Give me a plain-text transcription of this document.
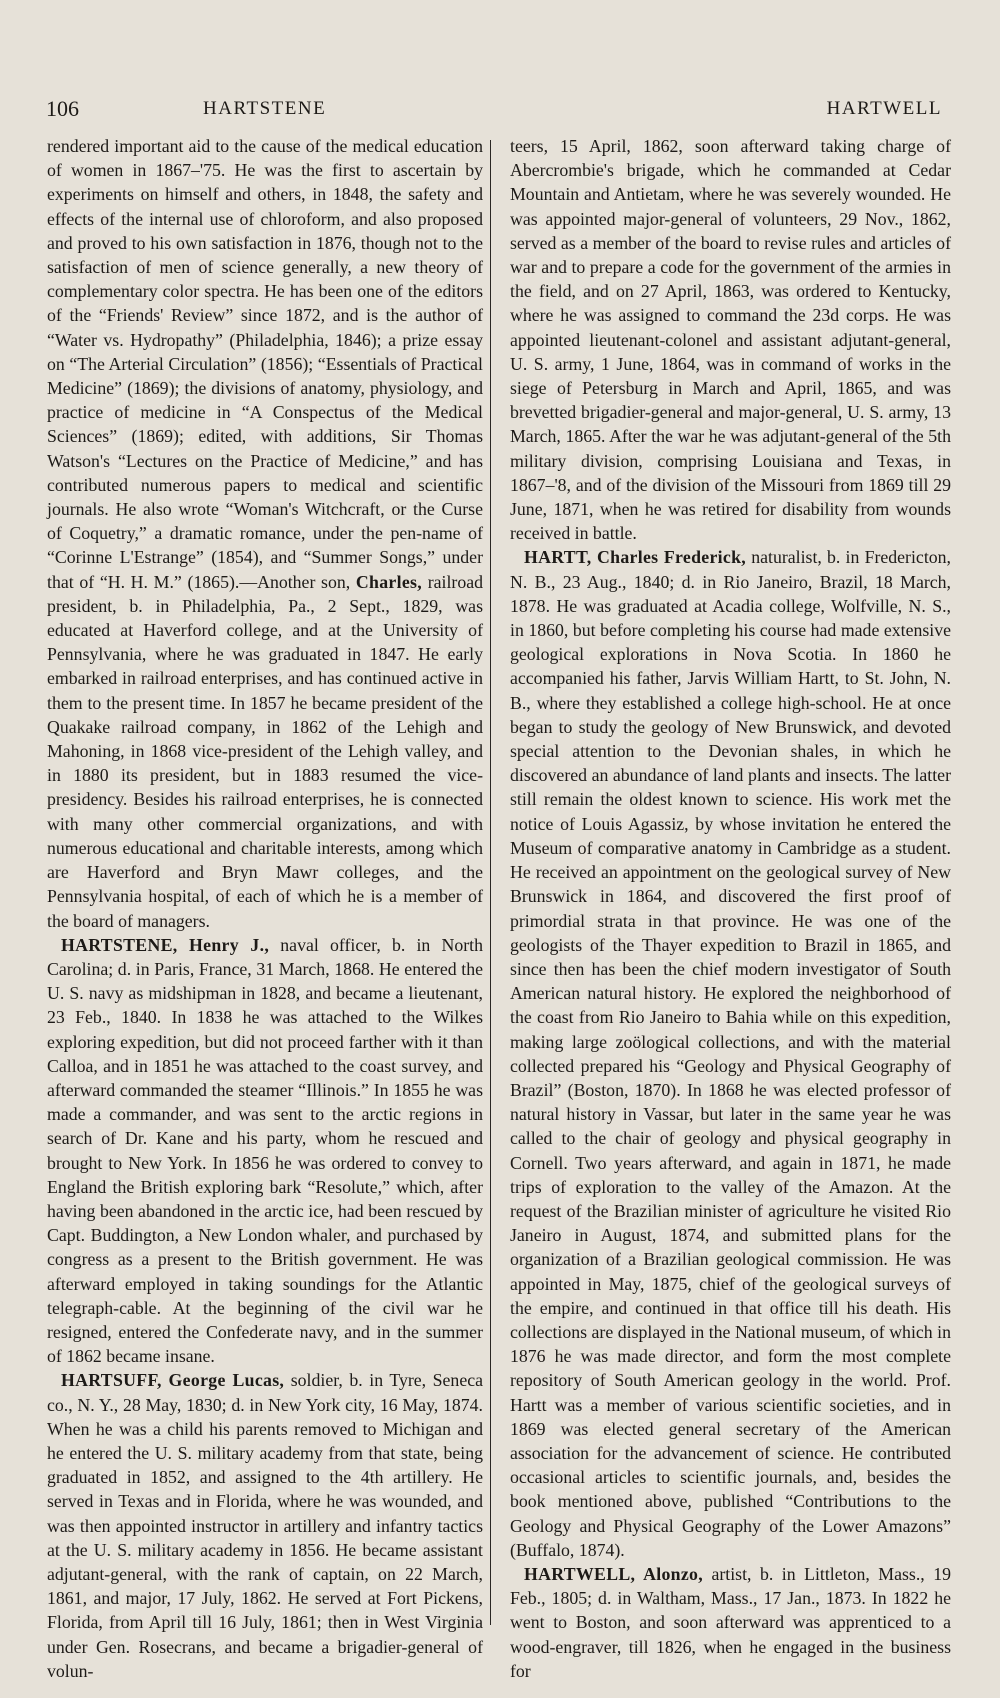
106	HARTSTENE	HARTWELL

rendered important aid to the cause of the medical education of women in 1867–'75. He was the first to ascertain by experiments on himself and others, in 1848, the safety and effects of the internal use of chloroform, and also proposed and proved to his own satisfaction in 1876, though not to the satisfaction of men of science generally, a new theory of complementary color spectra. He has been one of the editors of the “Friends' Review” since 1872, and is the author of “Water vs. Hydropathy” (Philadelphia, 1846); a prize essay on “The Arterial Circulation” (1856); “Essentials of Practical Medicine” (1869); the divisions of anatomy, physiology, and practice of medicine in “A Conspectus of the Medical Sciences” (1869); edited, with additions, Sir Thomas Watson's “Lectures on the Practice of Medicine,” and has contributed numerous papers to medical and scientific journals. He also wrote “Woman's Witchcraft, or the Curse of Coquetry,” a dramatic romance, under the pen-name of “Corinne L'Estrange” (1854), and “Summer Songs,” under that of “H. H. M.” (1865).—Another son, Charles, railroad president, b. in Philadelphia, Pa., 2 Sept., 1829, was educated at Haverford college, and at the University of Pennsylvania, where he was graduated in 1847. He early embarked in railroad enterprises, and has continued active in them to the present time. In 1857 he became president of the Quakake railroad company, in 1862 of the Lehigh and Mahoning, in 1868 vice-president of the Lehigh valley, and in 1880 its president, but in 1883 resumed the vice-presidency. Besides his railroad enterprises, he is connected with many other commercial organizations, and with numerous educational and charitable interests, among which are Haverford and Bryn Mawr colleges, and the Pennsylvania hospital, of each of which he is a member of the board of managers.

HARTSTENE, Henry J., naval officer, b. in North Carolina; d. in Paris, France, 31 March, 1868. He entered the U. S. navy as midshipman in 1828, and became a lieutenant, 23 Feb., 1840. In 1838 he was attached to the Wilkes exploring expedition, but did not proceed farther with it than Calloa, and in 1851 he was attached to the coast survey, and afterward commanded the steamer “Illinois.” In 1855 he was made a commander, and was sent to the arctic regions in search of Dr. Kane and his party, whom he rescued and brought to New York. In 1856 he was ordered to convey to England the British exploring bark “Resolute,” which, after having been abandoned in the arctic ice, had been rescued by Capt. Buddington, a New London whaler, and purchased by congress as a present to the British government. He was afterward employed in taking soundings for the Atlantic telegraph-cable. At the beginning of the civil war he resigned, entered the Confederate navy, and in the summer of 1862 became insane.

HARTSUFF, George Lucas, soldier, b. in Tyre, Seneca co., N. Y., 28 May, 1830; d. in New York city, 16 May, 1874. When he was a child his parents removed to Michigan and he entered the U. S. military academy from that state, being graduated in 1852, and assigned to the 4th artillery. He served in Texas and in Florida, where he was wounded, and was then appointed instructor in artillery and infantry tactics at the U. S. military academy in 1856. He became assistant adjutant-general, with the rank of captain, on 22 March, 1861, and major, 17 July, 1862. He served at Fort Pickens, Florida, from April till 16 July, 1861; then in West Virginia under Gen. Rosecrans, and became a brigadier-general of volun-

teers, 15 April, 1862, soon afterward taking charge of Abercrombie's brigade, which he commanded at Cedar Mountain and Antietam, where he was severely wounded. He was appointed major-general of volunteers, 29 Nov., 1862, served as a member of the board to revise rules and articles of war and to prepare a code for the government of the armies in the field, and on 27 April, 1863, was ordered to Kentucky, where he was assigned to command the 23d corps. He was appointed lieutenant-colonel and assistant adjutant-general, U. S. army, 1 June, 1864, was in command of works in the siege of Petersburg in March and April, 1865, and was brevetted brigadier-general and major-general, U. S. army, 13 March, 1865. After the war he was adjutant-general of the 5th military division, comprising Louisiana and Texas, in 1867–'8, and of the division of the Missouri from 1869 till 29 June, 1871, when he was retired for disability from wounds received in battle.

HARTT, Charles Frederick, naturalist, b. in Fredericton, N. B., 23 Aug., 1840; d. in Rio Janeiro, Brazil, 18 March, 1878. He was graduated at Acadia college, Wolfville, N. S., in 1860, but before completing his course had made extensive geological explorations in Nova Scotia. In 1860 he accompanied his father, Jarvis William Hartt, to St. John, N. B., where they established a college high-school. He at once began to study the geology of New Brunswick, and devoted special attention to the Devonian shales, in which he discovered an abundance of land plants and insects. The latter still remain the oldest known to science. His work met the notice of Louis Agassiz, by whose invitation he entered the Museum of comparative anatomy in Cambridge as a student. He received an appointment on the geological survey of New Brunswick in 1864, and discovered the first proof of primordial strata in that province. He was one of the geologists of the Thayer expedition to Brazil in 1865, and since then has been the chief modern investigator of South American natural history. He explored the neighborhood of the coast from Rio Janeiro to Bahia while on this expedition, making large zoölogical collections, and with the material collected prepared his “Geology and Physical Geography of Brazil” (Boston, 1870). In 1868 he was elected professor of natural history in Vassar, but later in the same year he was called to the chair of geology and physical geography in Cornell. Two years afterward, and again in 1871, he made trips of exploration to the valley of the Amazon. At the request of the Brazilian minister of agriculture he visited Rio Janeiro in August, 1874, and submitted plans for the organization of a Brazilian geological commission. He was appointed in May, 1875, chief of the geological surveys of the empire, and continued in that office till his death. His collections are displayed in the National museum, of which in 1876 he was made director, and form the most complete repository of South American geology in the world. Prof. Hartt was a member of various scientific societies, and in 1869 was elected general secretary of the American association for the advancement of science. He contributed occasional articles to scientific journals, and, besides the book mentioned above, published “Contributions to the Geology and Physical Geography of the Lower Amazons” (Buffalo, 1874).

HARTWELL, Alonzo, artist, b. in Littleton, Mass., 19 Feb., 1805; d. in Waltham, Mass., 17 Jan., 1873. In 1822 he went to Boston, and soon afterward was apprenticed to a wood-engraver, till 1826, when he engaged in the business for
